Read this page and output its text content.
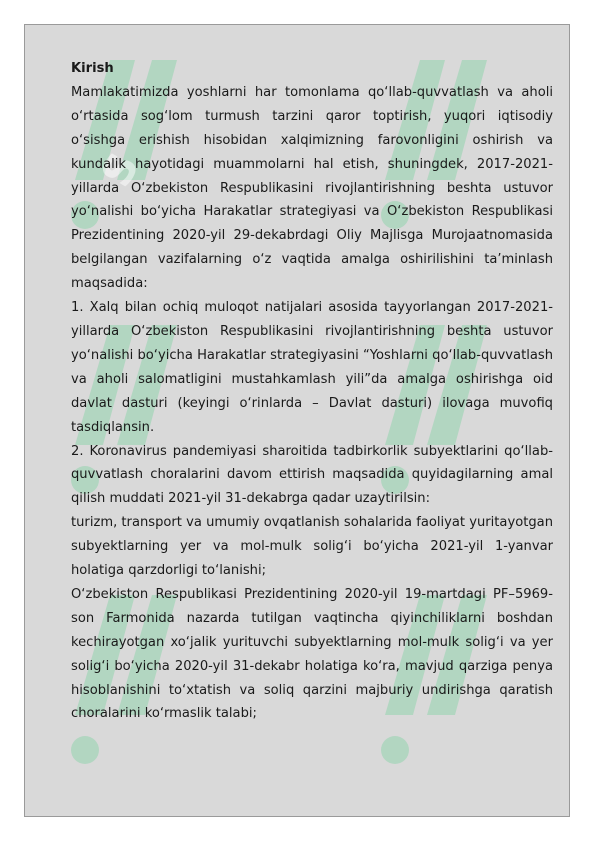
S

Kirish

Mamlakatimizda yoshlarni har tomonlama qo‘llab-quvvatlash va aholi o‘rtasida sog‘lom turmush tarzini qaror toptirish, yuqori iqtisodiy o‘sishga erishish hisobidan xalqimizning farovonligini oshirish va kundalik hayotidagi muammolarni hal etish, shuningdek, 2017-2021-yillarda O‘zbekiston Respublikasini rivojlantirishning beshta ustuvor yo‘nalishi bo‘yicha Harakatlar strategiyasi va O‘zbekiston Respublikasi Prezidentining 2020-yil 29-dekabrdagi Oliy Majlisga Murojaatnomasida belgilangan vazifalarning o‘z vaqtida amalga oshirilishini ta’minlash maqsadida:

1. Xalq bilan ochiq muloqot natijalari asosida tayyorlangan 2017-2021-yillarda O‘zbekiston Respublikasini rivojlantirishning beshta ustuvor yo‘nalishi bo‘yicha Harakatlar strategiyasini “Yoshlarni qo‘llab-quvvatlash va aholi salomatligini mustahkamlash yili”da amalga oshirishga oid davlat dasturi (keyingi o‘rinlarda – Davlat dasturi) ilovaga muvofiq tasdiqlansin.

2. Koronavirus pandemiyasi sharoitida tadbirkorlik subyektlarini qo‘llab-quvvatlash choralarini davom ettirish maqsadida quyidagilarning amal qilish muddati 2021-yil 31-dekabrga qadar uzaytirilsin:

turizm, transport va umumiy ovqatlanish sohalarida faoliyat yuritayotgan subyektlarning yer va mol-mulk solig‘i bo‘yicha 2021-yil 1-yanvar holatiga qarzdorligi to‘lanishi;

O‘zbekiston Respublikasi Prezidentining 2020-yil 19-martdagi PF–5969-son Farmonida nazarda tutilgan vaqtincha qiyinchiliklarni boshdan kechirayotgan xo‘jalik yurituvchi subyektlarning mol-mulk solig‘i va yer solig‘i bo‘yicha 2020-yil 31-dekabr holatiga ko‘ra, mavjud qarziga penya hisoblanishini to‘xtatish va soliq qarzini majburiy undirishga qaratish choralarini ko‘rmaslik talabi;
